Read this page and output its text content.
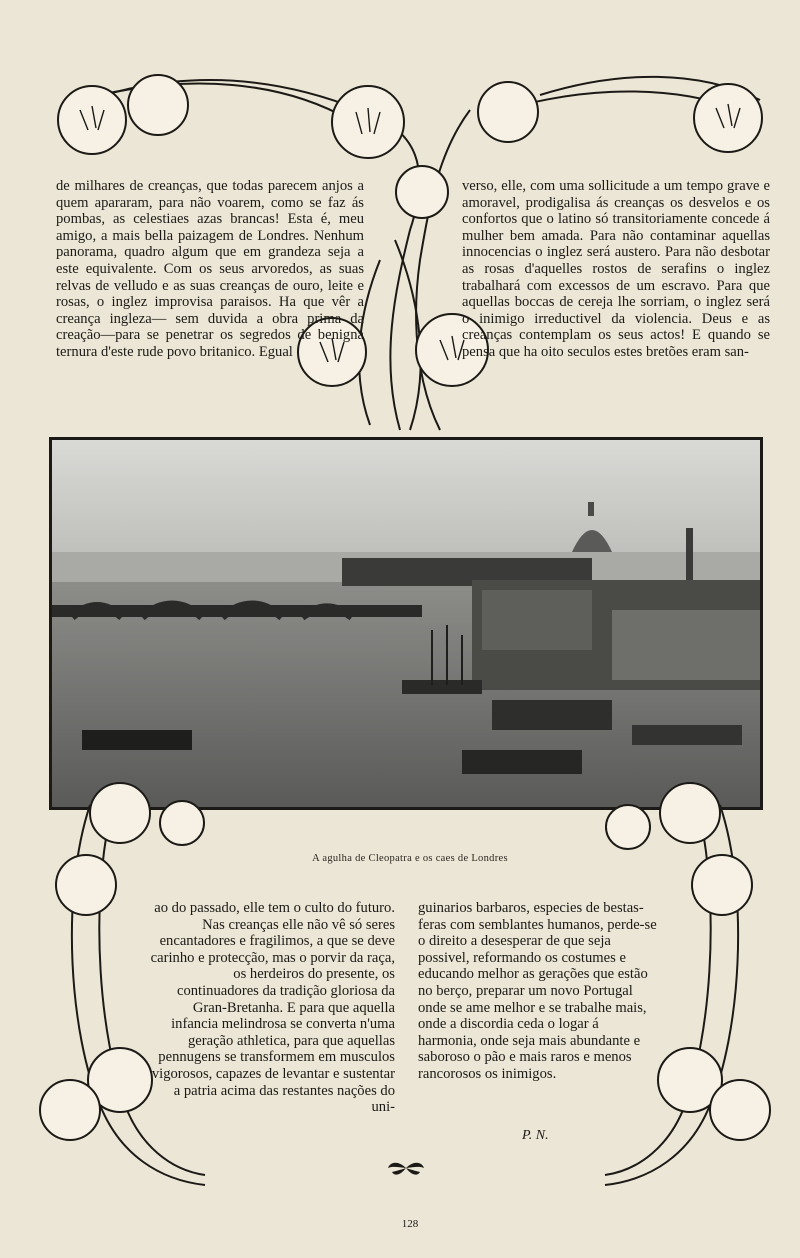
de milhares de creanças, que todas parecem anjos a quem apararam, para não voarem, como se faz ás pombas, as celestiaes azas brancas! Esta é, meu amigo, a mais bella paizagem de Londres. Nenhum panorama, quadro algum que em grandeza seja a este equivalente. Com os seus arvoredos, as suas relvas de velludo e as suas creanças de ouro, leite e rosas, o inglez improvisa paraisos. Ha que vêr a creança ingleza— sem duvida a obra prima da creação—para se penetrar os segredos de benigna ternura d'este rude povo britanico. Egual

verso, elle, com uma sollicitude a um tempo grave e amoravel, prodigalisa ás creanças os desvelos e os confortos que o latino só transitoriamente concede á mulher bem amada. Para não contaminar aquellas innocencias o inglez será austero. Para não desbotar as rosas d'aquelles rostos de serafins o inglez trabalhará com excessos de um escravo. Para que aquellas boccas de cereja lhe sorriam, o inglez será o inimigo irreductivel da violencia. Deus e as creanças contemplam os seus actos! E quando se pensa que ha oito seculos estes bretões eram san-

A agulha de Cleopatra e os caes de Londres

ao do passado, elle tem o culto do futuro. Nas creanças elle não vê só seres encantadores e fragilimos, a que se deve carinho e protecção, mas o porvir da raça, os herdeiros do presente, os continuadores da tradição gloriosa da Gran-Bretanha. E para que aquella infancia melindrosa se converta n'uma geração athletica, para que aquellas pennugens se transformem em musculos vigorosos, capazes de levantar e sustentar a patria acima das restantes nações do uni-

guinarios barbaros, especies de bestas-feras com semblantes humanos, perde-se o direito a desesperar de que seja possivel, reformando os costumes e educando melhor as gerações que estão no berço, preparar um novo Portugal onde se ame melhor e se trabalhe mais, onde a discordia ceda o logar á harmonia, onde seja mais abundante e saboroso o pão e mais raros e menos rancorosos os inimigos.

P. N.
128
